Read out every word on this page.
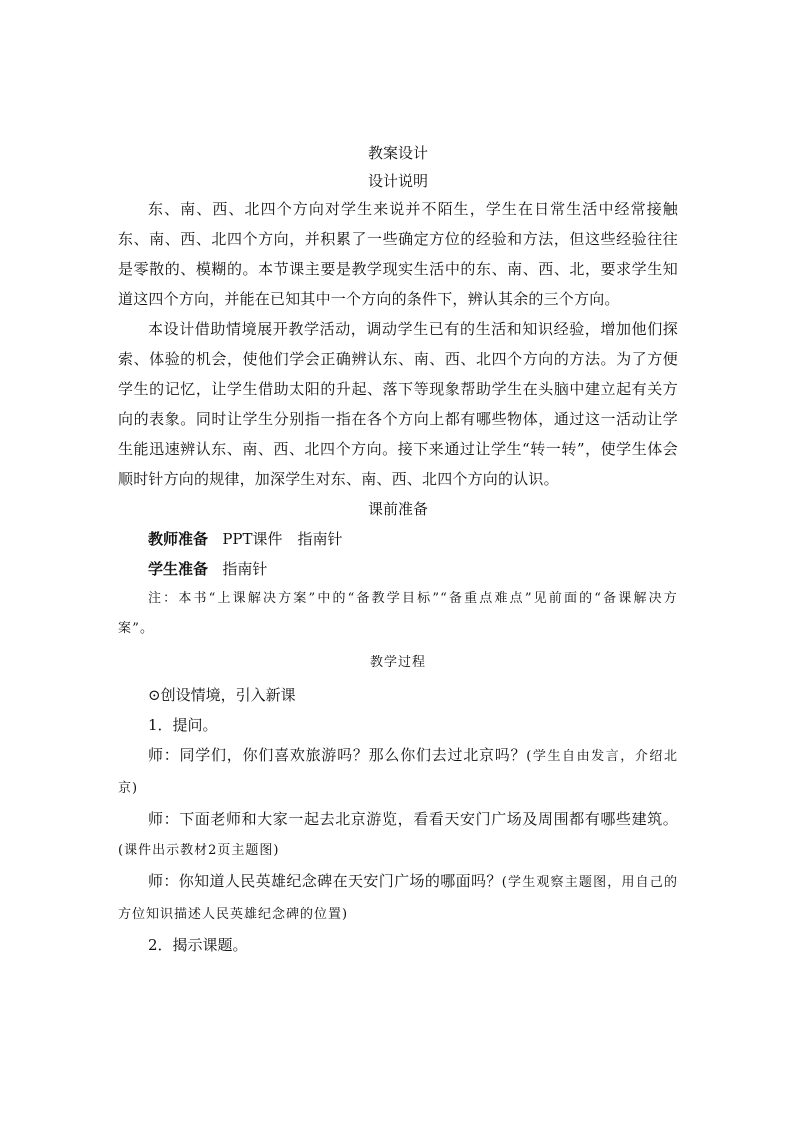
教案设计
设计说明

东、南、西、北四个方向对学生来说并不陌生，学生在日常生活中经常接触东、南、西、北四个方向，并积累了一些确定方位的经验和方法，但这些经验往往是零散的、模糊的。本节课主要是教学现实生活中的东、南、西、北，要求学生知道这四个方向，并能在已知其中一个方向的条件下，辨认其余的三个方向。

本设计借助情境展开教学活动，调动学生已有的生活和知识经验，增加他们探索、体验的机会，使他们学会正确辨认东、南、西、北四个方向的方法。为了方便学生的记忆，让学生借助太阳的升起、落下等现象帮助学生在头脑中建立起有关方向的表象。同时让学生分别指一指在各个方向上都有哪些物体，通过这一活动让学生能迅速辨认东、南、西、北四个方向。接下来通过让学生“转一转”，使学生体会顺时针方向的规律，加深学生对东、南、西、北四个方向的认识。

课前准备

教师准备 PPT课件　指南针

学生准备 指南针

注：本书“上课解决方案”中的“备教学目标”“备重点难点”见前面的“备课解决方案”。

教学过程

⊙创设情境，引入新课

1．提问。

师：同学们，你们喜欢旅游吗？那么你们去过北京吗？(学生自由发言，介绍北京)

师：下面老师和大家一起去北京游览，看看天安门广场及周围都有哪些建筑。(课件出示教材2页主题图)

师：你知道人民英雄纪念碑在天安门广场的哪面吗？(学生观察主题图，用自己的方位知识描述人民英雄纪念碑的位置)

2．揭示课题。
